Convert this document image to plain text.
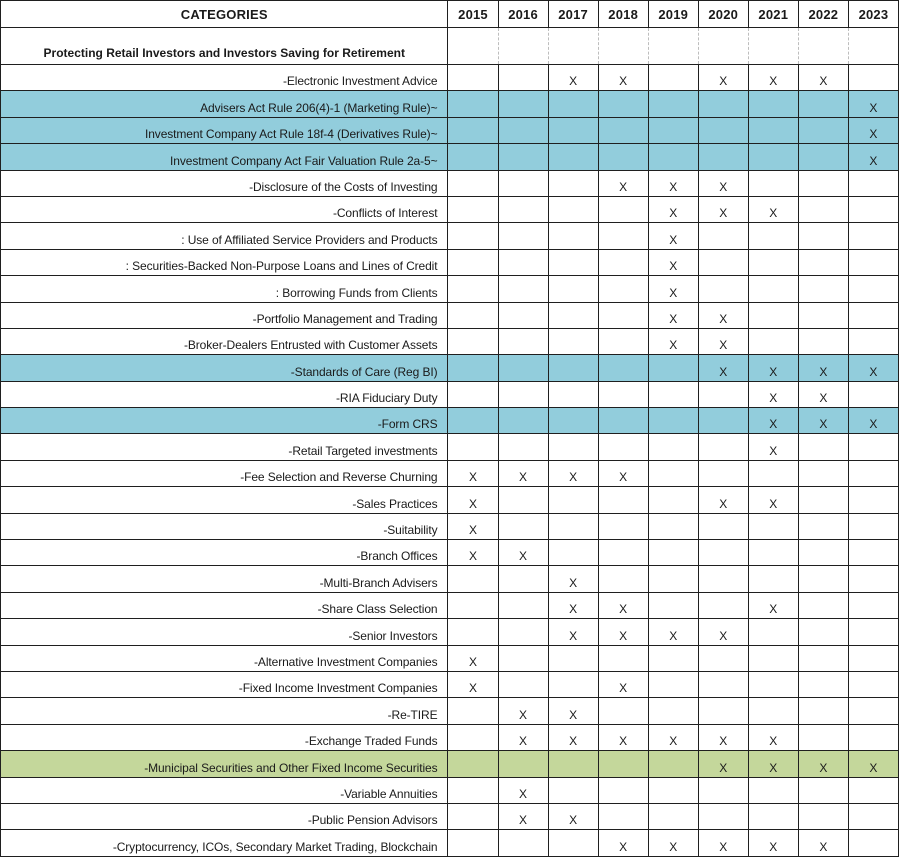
CATEGORIES	2015	2016	2017	2018	2019	2020	2021	2022	2023
Protecting Retail Investors and Investors Saving for Retirement									
-Electronic Investment Advice			X	X		X	X	X	
Advisers Act Rule 206(4)-1 (Marketing Rule)~									X
Investment Company Act Rule 18f-4 (Derivatives Rule)~									X
Investment Company Act Fair Valuation Rule 2a-5~									X
-Disclosure of the Costs of Investing				X	X	X			
-Conflicts of Interest					X	X	X		
: Use of Affiliated Service Providers and Products					X				
: Securities-Backed Non-Purpose Loans and Lines of Credit					X				
: Borrowing Funds from Clients					X				
-Portfolio Management and Trading					X	X			
-Broker-Dealers Entrusted with Customer Assets					X	X			
-Standards of Care (Reg BI)						X	X	X	X
-RIA Fiduciary Duty							X	X	
-Form CRS							X	X	X
-Retail Targeted investments							X		
-Fee Selection and Reverse Churning	X	X	X	X					
-Sales Practices	X					X	X		
-Suitability	X								
-Branch Offices	X	X							
-Multi-Branch Advisers			X						
-Share Class Selection			X	X			X		
-Senior Investors			X	X	X	X			
-Alternative Investment Companies	X								
-Fixed Income Investment Companies	X			X					
-Re-TIRE		X	X						
-Exchange Traded Funds		X	X	X	X	X	X		
-Municipal Securities and Other Fixed Income Securities						X	X	X	X
-Variable Annuities		X							
-Public Pension Advisors		X	X						
-Cryptocurrency, ICOs, Secondary Market Trading, Blockchain				X	X	X	X	X	
